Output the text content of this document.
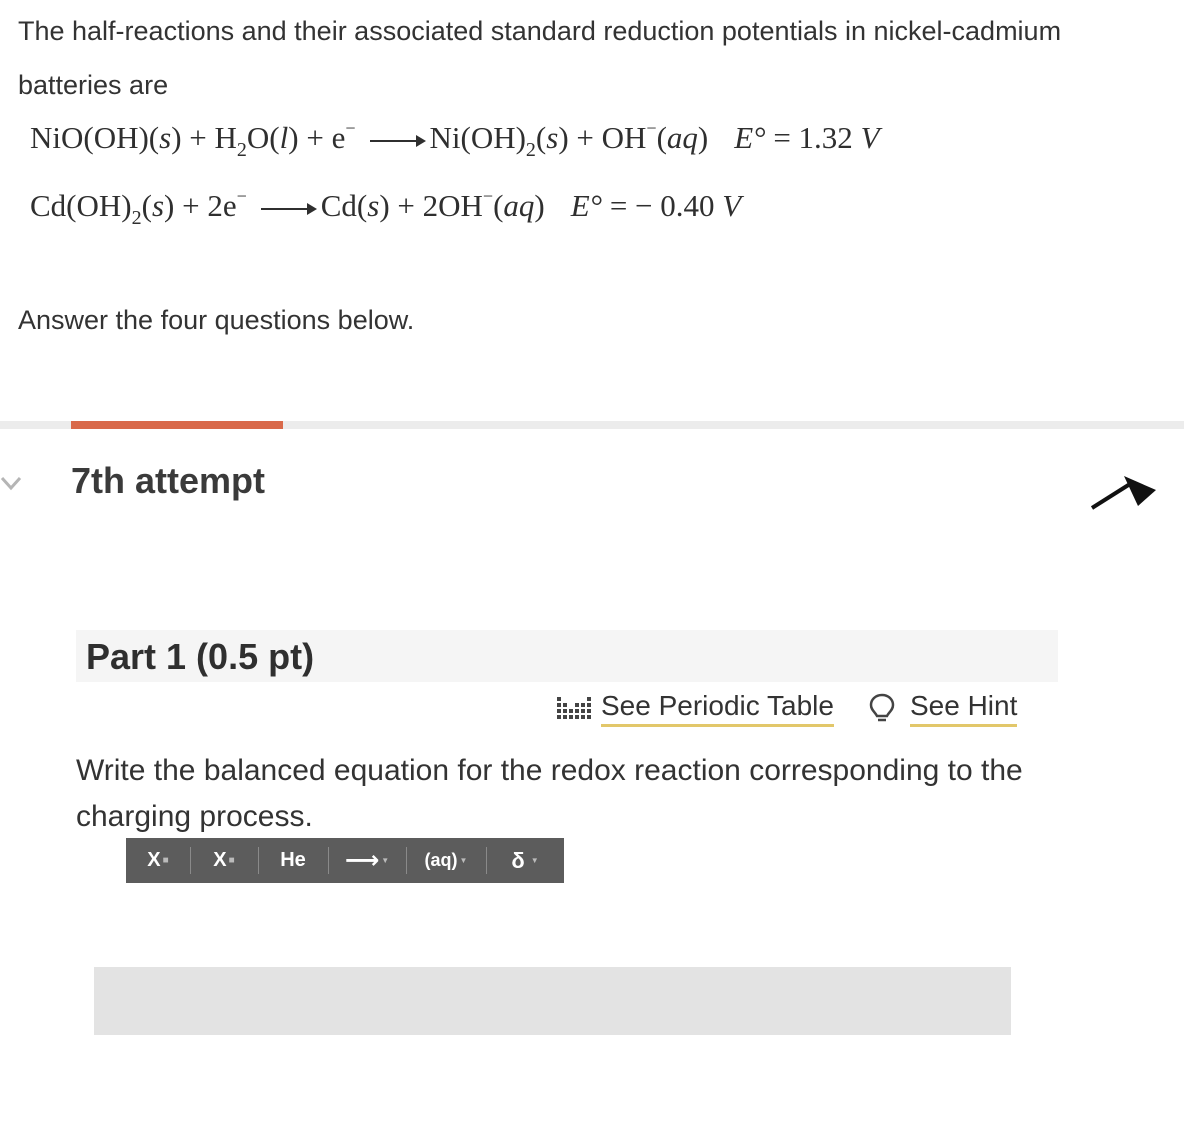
The half-reactions and their associated standard reduction potentials in nickel-cadmium batteries are
$NiO(OH)(s) + H_2O(l) + e^- \to Ni(OH)_2(s) + OH^-(aq) E^\circ = 1.32$ V
$Cd(OH)_2(s) + 2e^- \to Cd(s) + 2OH^-(aq) E^\circ$ = − 0.40 V
Answer the four questions below.
7th attempt
Part 1 (0.5 pt)
See Periodic Table	See Hint
Write the balanced equation for the redox reaction corresponding to the charging process.
X ■ X ■ He ⟶ ▼ (aq) ▼ δ ▼
